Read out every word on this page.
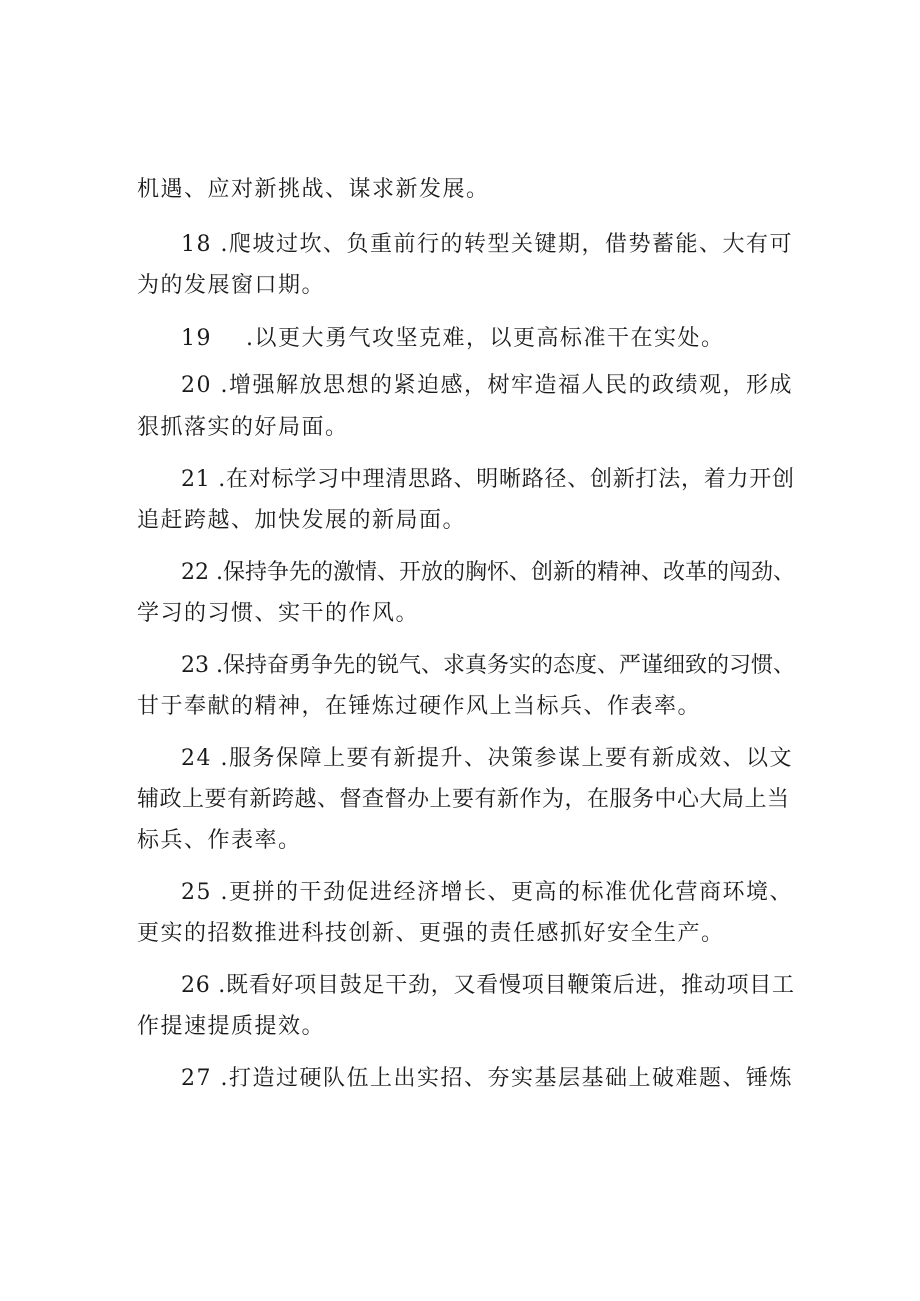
机遇、应对新挑战、谋求新发展。
18 .爬坡过坎、负重前行的转型关键期，借势蓄能、大有可
为的发展窗口期。
19    .以更大勇气攻坚克难，以更高标准干在实处。
20 .增强解放思想的紧迫感，树牢造福人民的政绩观，形成
狠抓落实的好局面。
21 .在对标学习中理清思路、明晰路径、创新打法，着力开创
追赶跨越、加快发展的新局面。
22 .保持争先的激情、开放的胸怀、创新的精神、改革的闯劲、
学习的习惯、实干的作风。
23 .保持奋勇争先的锐气、求真务实的态度、严谨细致的习惯、
甘于奉献的精神，在锤炼过硬作风上当标兵、作表率。
24 .服务保障上要有新提升、决策参谋上要有新成效、以文
辅政上要有新跨越、督查督办上要有新作为，在服务中心大局上当
标兵、作表率。
25 .更拼的干劲促进经济增长、更高的标准优化营商环境、
更实的招数推进科技创新、更强的责任感抓好安全生产。
26 .既看好项目鼓足干劲，又看慢项目鞭策后进，推动项目工
作提速提质提效。
27 .打造过硬队伍上出实招、夯实基层基础上破难题、锤炼
